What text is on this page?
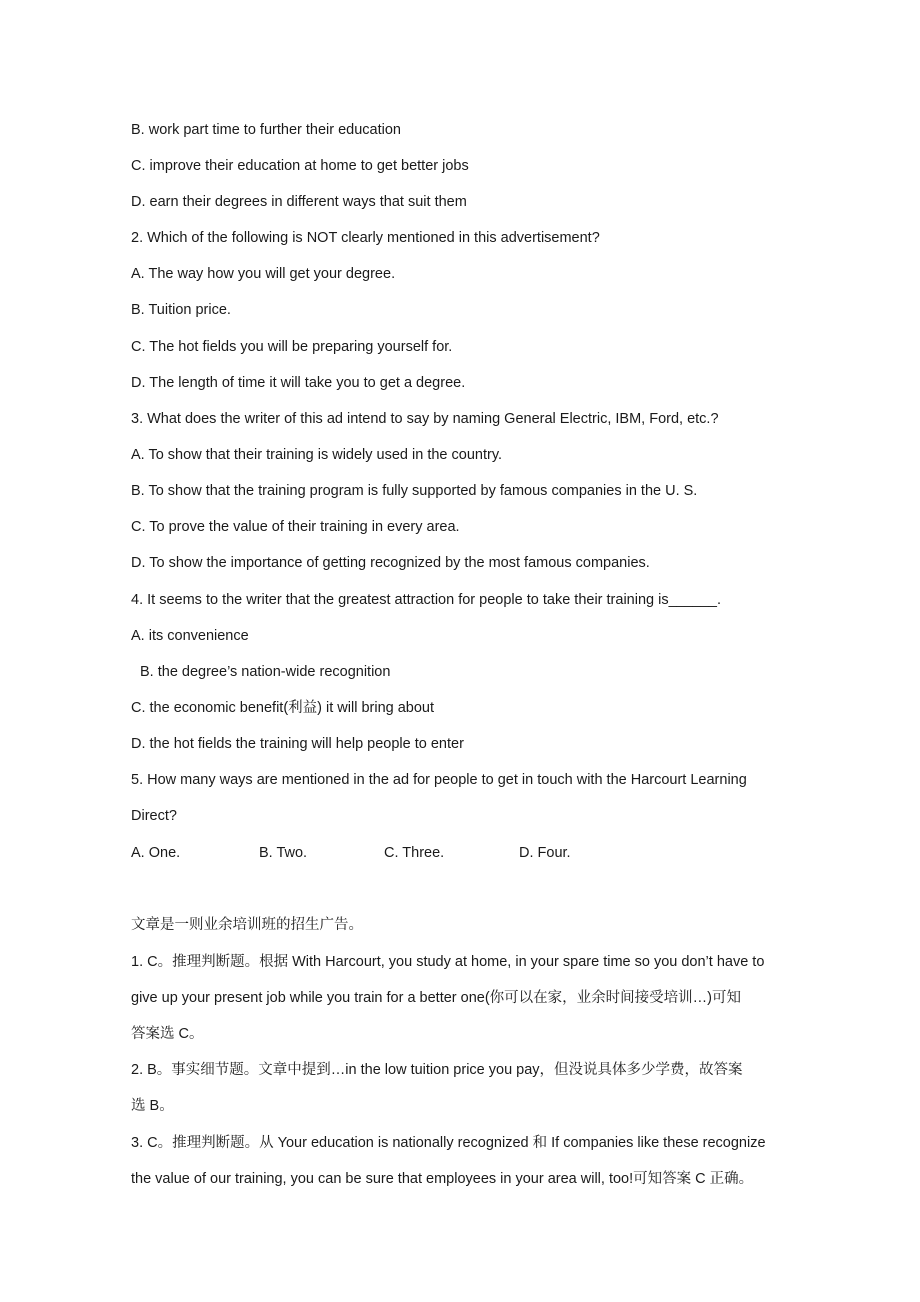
B. work part time to further their education
C. improve their education at home to get better jobs
D. earn their degrees in different ways that suit them
2. Which of the following is NOT clearly mentioned in this advertisement?
A. The way how you will get your degree.
B. Tuition price.
C. The hot fields you will be preparing yourself for.
D. The length of time it will take you to get a degree.
3. What does the writer of this ad intend to say by naming General Electric, IBM, Ford, etc.?
A. To show that their training is widely used in the country.
B. To show that the training program is fully supported by famous companies in the U. S.
C. To prove the value of their training in every area.
D. To show the importance of getting recognized by the most famous companies.
4. It seems to the writer that the greatest attraction for people to take their training is______.
A. its convenience
B. the degree’s nation-wide recognition
C. the economic benefit(利益) it will bring about
D. the hot fields the training will help people to enter
5. How many ways are mentioned in the ad for people to get in touch with the Harcourt Learning
Direct?
A. One.	B. Two.	C. Three.	D. Four.
文章是一则业余培训班的招生广告。
1. C。推理判断题。根据 With Harcourt, you study at home, in your spare time so you don’t have to
give up your present job while you train for a better one(你可以在家，业余时间接受培训…)可知
答案选 C。
2. B。事实细节题。文章中提到…in the low tuition price you pay，但没说具体多少学费，故答案
选 B。
3. C。推理判断题。从 Your education is nationally recognized 和 If companies like these recognize
the value of our training, you can be sure that employees in your area will, too!可知答案 C 正确。
